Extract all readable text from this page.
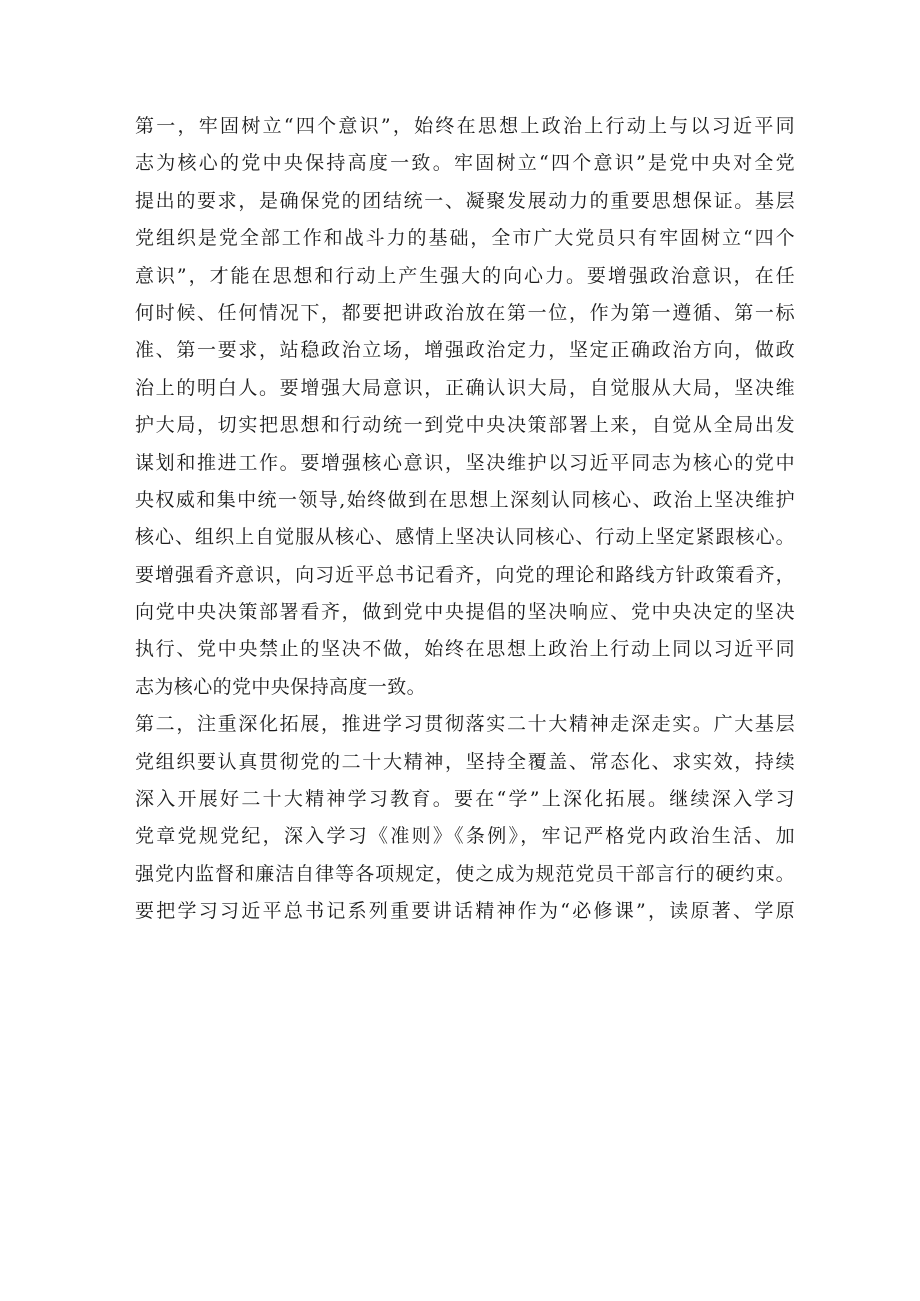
第一，牢固树立“四个意识”，始终在思想上政治上行动上与以习近平同
志为核心的党中央保持高度一致。牢固树立“四个意识”是党中央对全党
提出的要求，是确保党的团结统一、凝聚发展动力的重要思想保证。基层
党组织是党全部工作和战斗力的基础，全市广大党员只有牢固树立“四个
意识”，才能在思想和行动上产生强大的向心力。要增强政治意识，在任
何时候、任何情况下，都要把讲政治放在第一位，作为第一遵循、第一标
准、第一要求，站稳政治立场，增强政治定力，坚定正确政治方向，做政
治上的明白人。要增强大局意识，正确认识大局，自觉服从大局，坚决维
护大局，切实把思想和行动统一到党中央决策部署上来，自觉从全局出发
谋划和推进工作。要增强核心意识，坚决维护以习近平同志为核心的党中
央权威和集中统一领导,始终做到在思想上深刻认同核心、政治上坚决维护
核心、组织上自觉服从核心、感情上坚决认同核心、行动上坚定紧跟核心。
要增强看齐意识，向习近平总书记看齐，向党的理论和路线方针政策看齐，
向党中央决策部署看齐，做到党中央提倡的坚决响应、党中央决定的坚决
执行、党中央禁止的坚决不做，始终在思想上政治上行动上同以习近平同
志为核心的党中央保持高度一致。
第二，注重深化拓展，推进学习贯彻落实二十大精神走深走实。广大基层
党组织要认真贯彻党的二十大精神，坚持全覆盖、常态化、求实效，持续
深入开展好二十大精神学习教育。要在“学”上深化拓展。继续深入学习
党章党规党纪，深入学习《准则》《条例》，牢记严格党内政治生活、加
强党内监督和廉洁自律等各项规定，使之成为规范党员干部言行的硬约束。
要把学习习近平总书记系列重要讲话精神作为“必修课”，读原著、学原
